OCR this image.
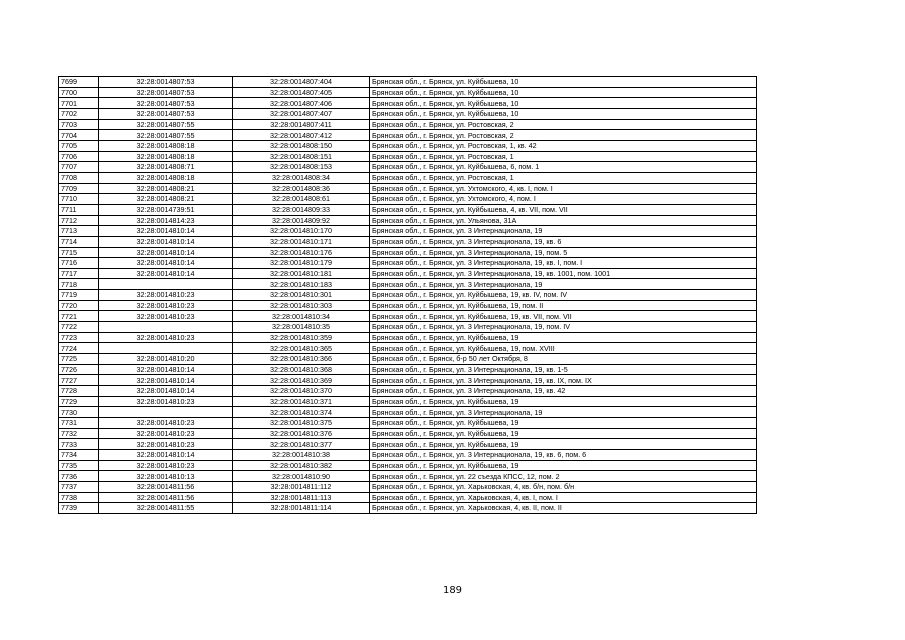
7699	32:28:0014807:53	32:28:0014807:404	Брянская обл., г. Брянск, ул. Куйбышева, 10
7700	32:28:0014807:53	32:28:0014807:405	Брянская обл., г. Брянск, ул. Куйбышева, 10
7701	32:28:0014807:53	32:28:0014807:406	Брянская обл., г. Брянск, ул. Куйбышева, 10
7702	32:28:0014807:53	32:28:0014807:407	Брянская обл., г. Брянск, ул. Куйбышева, 10
7703	32:28:0014807:55	32:28:0014807:411	Брянская обл., г. Брянск, ул. Ростовская, 2
7704	32:28:0014807:55	32:28:0014807:412	Брянская обл., г. Брянск, ул. Ростовская, 2
7705	32:28:0014808:18	32:28:0014808:150	Брянская обл., г. Брянск, ул. Ростовская, 1, кв. 42
7706	32:28:0014808:18	32:28:0014808:151	Брянская обл., г. Брянск, ул. Ростовская, 1
7707	32:28:0014808:71	32:28:0014808:153	Брянская обл., г. Брянск, ул. Куйбышева, 6, пом. 1
7708	32:28:0014808:18	32:28:0014808:34	Брянская обл., г. Брянск, ул. Ростовская, 1
7709	32:28:0014808:21	32:28:0014808:36	Брянская обл., г. Брянск, ул. Ухтомского, 4, кв. I, пом. I
7710	32:28:0014808:21	32:28:0014808:61	Брянская обл., г. Брянск, ул. Ухтомского, 4, пом. I
7711	32:28:0014739:51	32:28:0014809:33	Брянская обл., г. Брянск, ул. Куйбышева, 4, кв. VII, пом. VII
7712	32:28:0014814:23	32:28:0014809:92	Брянская обл., г. Брянск, ул. Ульянова, 31А
7713	32:28:0014810:14	32:28:0014810:170	Брянская обл., г. Брянск, ул. 3 Интернационала, 19
7714	32:28:0014810:14	32:28:0014810:171	Брянская обл., г. Брянск, ул. 3 Интернационала, 19, кв. 6
7715	32:28:0014810:14	32:28:0014810:176	Брянская обл., г. Брянск, ул. 3 Интернационала, 19, пом. 5
7716	32:28:0014810:14	32:28:0014810:179	Брянская обл., г. Брянск, ул. 3 Интернационала, 19, кв. I, пом. I
7717	32:28:0014810:14	32:28:0014810:181	Брянская обл., г. Брянск, ул. 3 Интернационала, 19, кв. 1001, пом. 1001
7718		32:28:0014810:183	Брянская обл., г. Брянск, ул. 3 Интернационала, 19
7719	32:28:0014810:23	32:28:0014810:301	Брянская обл., г. Брянск, ул. Куйбышева, 19, кв. IV, пом. IV
7720	32:28:0014810:23	32:28:0014810:303	Брянская обл., г. Брянск, ул. Куйбышева, 19, пом. II
7721	32:28:0014810:23	32:28:0014810:34	Брянская обл., г. Брянск, ул. Куйбышева, 19, кв. VII, пом. VII
7722		32:28:0014810:35	Брянская обл., г. Брянск, ул. 3 Интернационала, 19, пом. IV
7723	32:28:0014810:23	32:28:0014810:359	Брянская обл., г. Брянск, ул. Куйбышева, 19
7724		32:28:0014810:365	Брянская обл., г. Брянск, ул. Куйбышева, 19, пом. XVIII
7725	32:28:0014810:20	32:28:0014810:366	Брянская обл., г. Брянск, б-р 50 лет Октября, 8
7726	32:28:0014810:14	32:28:0014810:368	Брянская обл., г. Брянск, ул. 3 Интернационала, 19, кв. 1-5
7727	32:28:0014810:14	32:28:0014810:369	Брянская обл., г. Брянск, ул. 3 Интернационала, 19, кв. IX, пом. IX
7728	32:28:0014810:14	32:28:0014810:370	Брянская обл., г. Брянск, ул. 3 Интернационала, 19, кв. 42
7729	32:28:0014810:23	32:28:0014810:371	Брянская обл., г. Брянск, ул. Куйбышева, 19
7730		32:28:0014810:374	Брянская обл., г. Брянск, ул. 3 Интернационала, 19
7731	32:28:0014810:23	32:28:0014810:375	Брянская обл., г. Брянск, ул. Куйбышева, 19
7732	32:28:0014810:23	32:28:0014810:376	Брянская обл., г. Брянск, ул. Куйбышева, 19
7733	32:28:0014810:23	32:28:0014810:377	Брянская обл., г. Брянск, ул. Куйбышева, 19
7734	32:28:0014810:14	32:28:0014810:38	Брянская обл., г. Брянск, ул. 3 Интернационала, 19, кв. 6, пом. 6
7735	32:28:0014810:23	32:28:0014810:382	Брянская обл., г. Брянск, ул. Куйбышева, 19
7736	32:28:0014810:13	32:28:0014810:90	Брянская обл., г. Брянск, ул. 22 съезда КПСС, 12, пом. 2
7737	32:28:0014811:56	32:28:0014811:112	Брянская обл., г. Брянск, ул. Харьковская, 4, кв. б/н, пом. б/н
7738	32:28:0014811:56	32:28:0014811:113	Брянская обл., г. Брянск, ул. Харьковская, 4, кв. I, пом. I
7739	32:28:0014811:55	32:28:0014811:114	Брянская обл., г. Брянск, ул. Харьковская, 4, кв. II, пом. II
189
